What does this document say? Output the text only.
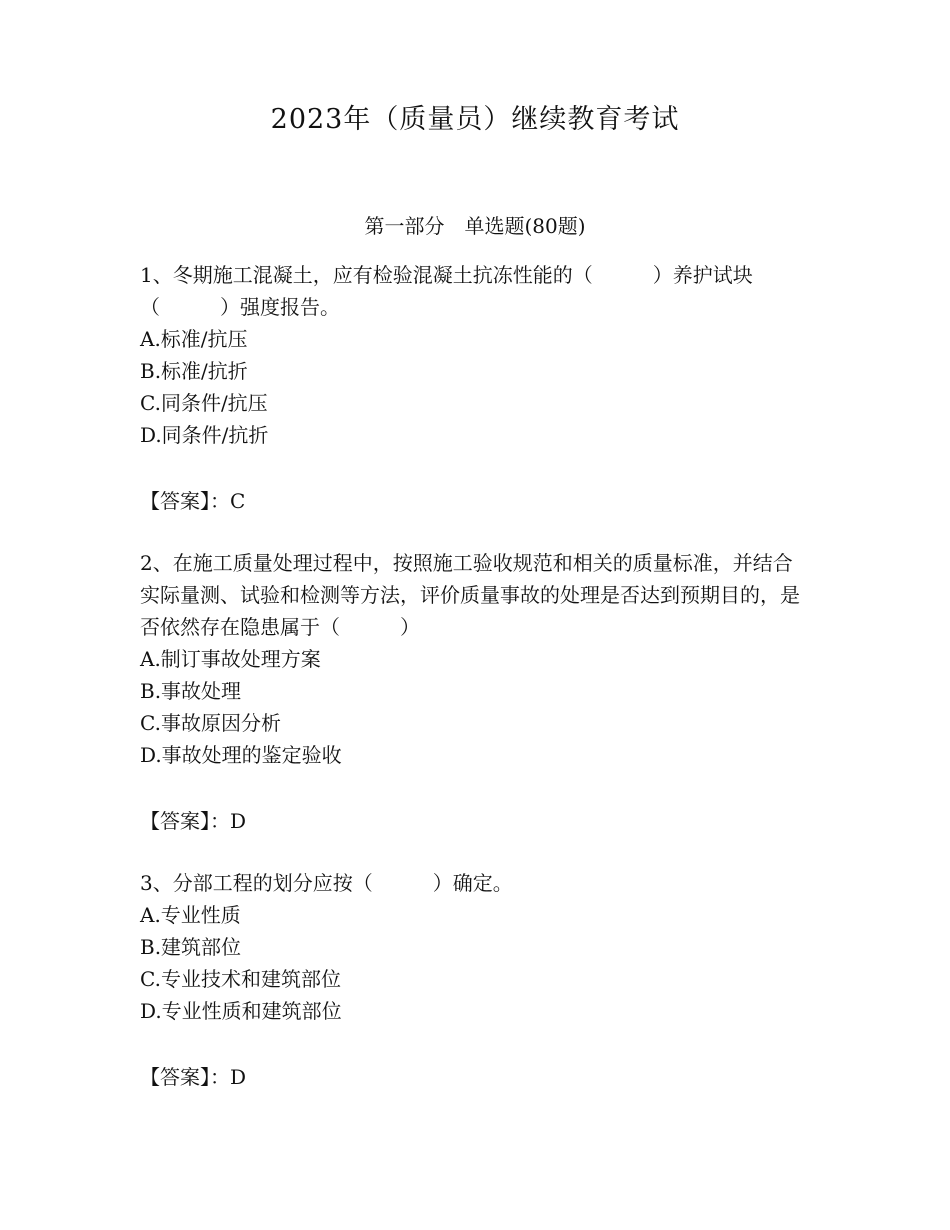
2023年（质量员）继续教育考试
第一部分　单选题(80题)

1、冬期施工混凝土，应有检验混凝土抗冻性能的（　　　）养护试块（　　　）强度报告。

A.标准/抗压

B.标准/抗折

C.同条件/抗压

D.同条件/抗折

【答案】：C

2、在施工质量处理过程中，按照施工验收规范和相关的质量标准，并结合实际量测、试验和检测等方法，评价质量事故的处理是否达到预期目的，是否依然存在隐患属于（　　　）

A.制订事故处理方案

B.事故处理

C.事故原因分析

D.事故处理的鉴定验收

【答案】：D

3、分部工程的划分应按（　　　）确定。

A.专业性质

B.建筑部位

C.专业技术和建筑部位

D.专业性质和建筑部位

【答案】：D
